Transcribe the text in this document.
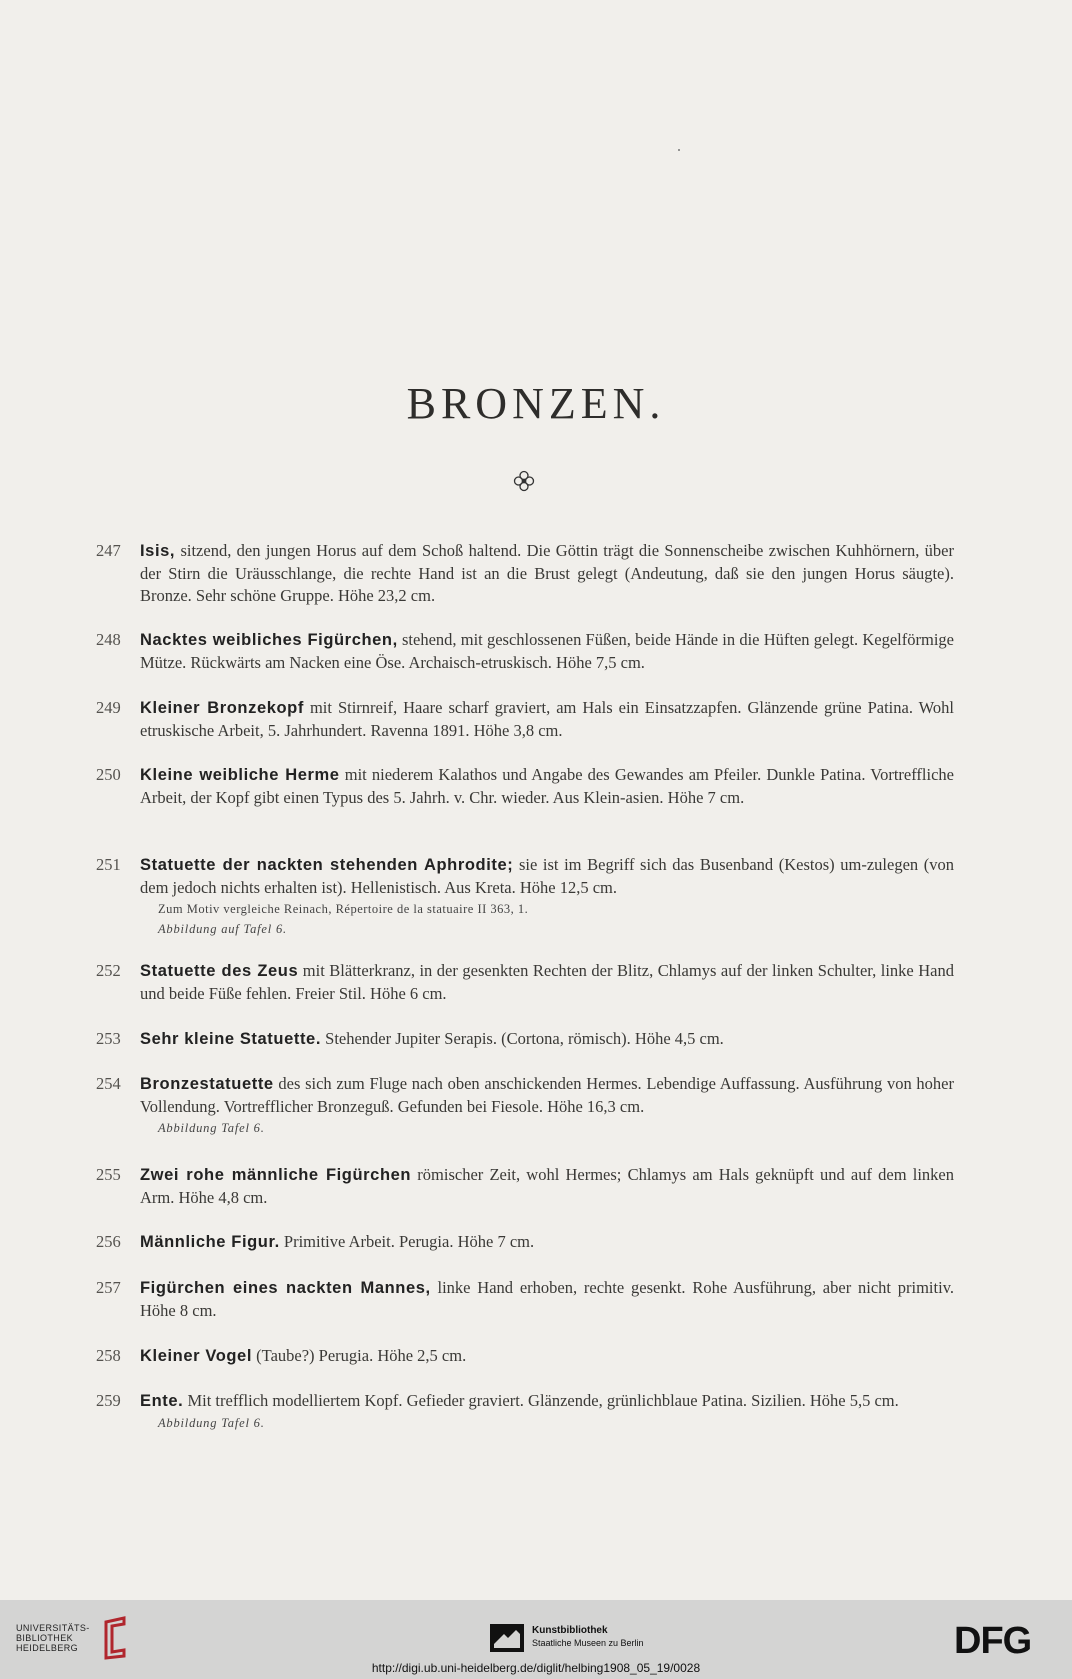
BRONZEN.
247	Isis, sitzend, den jungen Horus auf dem Schoß haltend. Die Göttin trägt die Sonnenscheibe zwischen Kuhhörnern, über der Stirn die Uräusschlange, die rechte Hand ist an die Brust gelegt (Andeutung, daß sie den jungen Horus säugte). Bronze. Sehr schöne Gruppe. Höhe 23,2 cm.
248	Nacktes weibliches Figürchen, stehend, mit geschlossenen Füßen, beide Hände in die Hüften gelegt. Kegelförmige Mütze. Rückwärts am Nacken eine Öse. Archaisch-etruskisch. Höhe 7,5 cm.
249	Kleiner Bronzekopf mit Stirnreif, Haare scharf graviert, am Hals ein Einsatzzapfen. Glänzende grüne Patina. Wohl etruskische Arbeit, 5. Jahrhundert. Ravenna 1891. Höhe 3,8 cm.
250	Kleine weibliche Herme mit niederem Kalathos und Angabe des Gewandes am Pfeiler. Dunkle Patina. Vortreffliche Arbeit, der Kopf gibt einen Typus des 5. Jahrh. v. Chr. wieder. Aus Klein-asien. Höhe 7 cm.
251	Statuette der nackten stehenden Aphrodite; sie ist im Begriff sich das Busenband (Kestos) um-zulegen (von dem jedoch nichts erhalten ist). Hellenistisch. Aus Kreta. Höhe 12,5 cm.
Zum Motiv vergleiche Reinach, Répertoire de la statuaire II 363, 1.
Abbildung auf Tafel 6.
252	Statuette des Zeus mit Blätterkranz, in der gesenkten Rechten der Blitz, Chlamys auf der linken Schulter, linke Hand und beide Füße fehlen. Freier Stil. Höhe 6 cm.
253	Sehr kleine Statuette. Stehender Jupiter Serapis. (Cortona, römisch). Höhe 4,5 cm.
254	Bronzestatuette des sich zum Fluge nach oben anschickenden Hermes. Lebendige Auffassung. Ausführung von hoher Vollendung. Vortrefflicher Bronzeguß. Gefunden bei Fiesole. Höhe 16,3 cm.
Abbildung Tafel 6.
255	Zwei rohe männliche Figürchen römischer Zeit, wohl Hermes; Chlamys am Hals geknüpft und auf dem linken Arm. Höhe 4,8 cm.
256	Männliche Figur. Primitive Arbeit. Perugia. Höhe 7 cm.
257	Figürchen eines nackten Mannes, linke Hand erhoben, rechte gesenkt. Rohe Ausführung, aber nicht primitiv. Höhe 8 cm.
258	Kleiner Vogel (Taube?) Perugia. Höhe 2,5 cm.
259	Ente. Mit trefflich modelliertem Kopf. Gefieder graviert. Glänzende, grünlichblaue Patina. Sizilien. Höhe 5,5 cm.
Abbildung Tafel 6.
UNIVERSITÄTS-
BIBLIOTHEK
HEIDELBERG
Kunstbibliothek
Staatliche Museen zu Berlin	DFG
http://digi.ub.uni-heidelberg.de/diglit/helbing1908_05_19/0028
